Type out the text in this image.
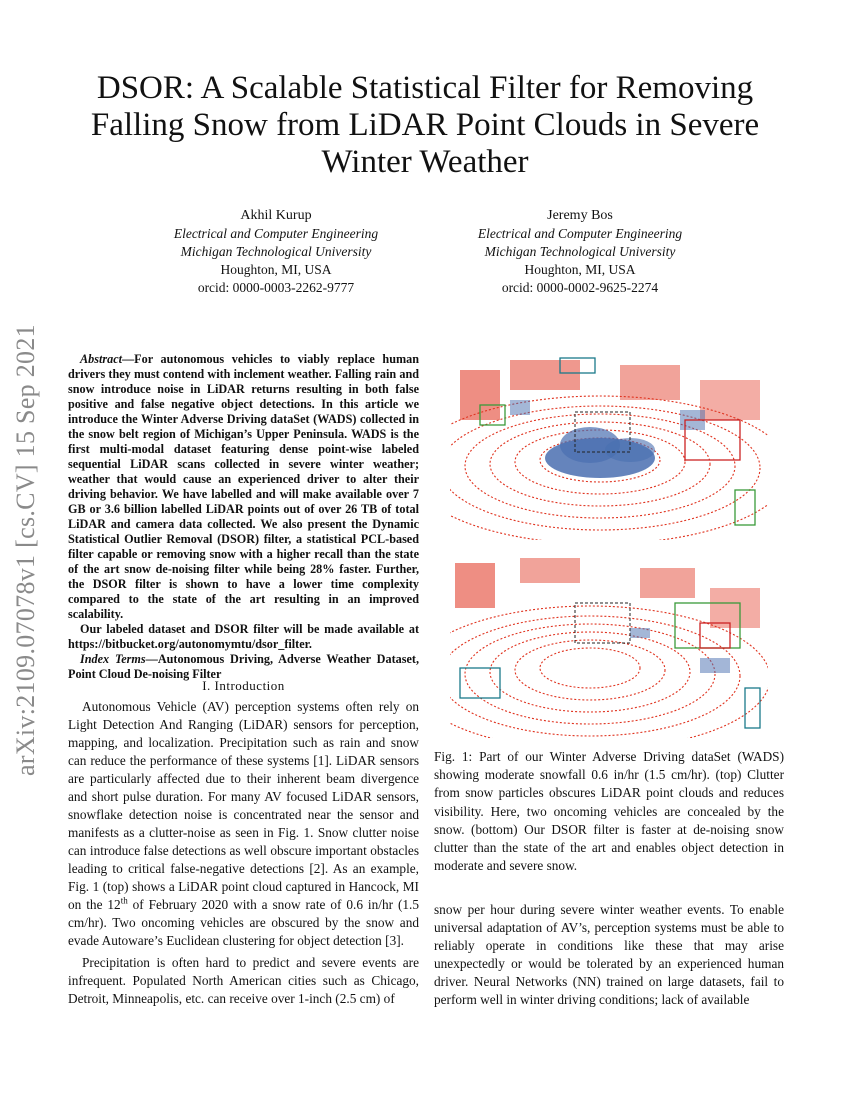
arXiv:2109.07078v1 [cs.CV] 15 Sep 2021
DSOR: A Scalable Statistical Filter for Removing Falling Snow from LiDAR Point Clouds in Severe Winter Weather
Akhil Kurup
Electrical and Computer Engineering
Michigan Technological University
Houghton, MI, USA
orcid: 0000-0003-2262-9777
Jeremy Bos
Electrical and Computer Engineering
Michigan Technological University
Houghton, MI, USA
orcid: 0000-0002-9625-2274

Abstract—For autonomous vehicles to viably replace human drivers they must contend with inclement weather. Falling rain and snow introduce noise in LiDAR returns resulting in both false positive and false negative object detections. In this article we introduce the Winter Adverse Driving dataSet (WADS) collected in the snow belt region of Michigan’s Upper Peninsula. WADS is the first multi-modal dataset featuring dense point-wise labeled sequential LiDAR scans collected in severe winter weather; weather that would cause an experienced driver to alter their driving behavior. We have labelled and will make available over 7 GB or 3.6 billion labelled LiDAR points out of over 26 TB of total LiDAR and camera data collected. We also present the Dynamic Statistical Outlier Removal (DSOR) filter, a statistical PCL-based filter capable or removing snow with a higher recall than the state of the art snow de-noising filter while being 28% faster. Further, the DSOR filter is shown to have a lower time complexity compared to the state of the art resulting in an improved scalability.

Our labeled dataset and DSOR filter will be made available at https://bitbucket.org/autonomymtu/dsor_filter.

Index Terms—Autonomous Driving, Adverse Weather Dataset, Point Cloud De-noising Filter

I. Introduction

Autonomous Vehicle (AV) perception systems often rely on Light Detection And Ranging (LiDAR) sensors for perception, mapping, and localization. Precipitation such as rain and snow can reduce the performance of these systems [1]. LiDAR sensors are particularly affected due to their inherent beam divergence and short pulse duration. For many AV focused LiDAR sensors, snowflake detection noise is concentrated near the sensor and manifests as a clutter-noise as seen in Fig. 1. Snow clutter noise can introduce false detections as well obscure important obstacles leading to critical false-negative detections [2]. As an example, Fig. 1 (top) shows a LiDAR point cloud captured in Hancock, MI on the 12th of February 2020 with a snow rate of 0.6 in/hr (1.5 cm/hr). Two oncoming vehicles are obscured by the snow and evade Autoware’s Euclidean clustering for object detection [3].

Precipitation is often hard to predict and severe events are infrequent. Populated North American cities such as Chicago, Detroit, Minneapolis, etc. can receive over 1-inch (2.5 cm) of

Fig. 1: Part of our Winter Adverse Driving dataSet (WADS) showing moderate snowfall 0.6 in/hr (1.5 cm/hr). (top) Clutter from snow particles obscures LiDAR point clouds and reduces visibility. Here, two oncoming vehicles are concealed by the snow. (bottom) Our DSOR filter is faster at de-noising snow clutter than the state of the art and enables object detection in moderate and severe snow.

snow per hour during severe winter weather events. To enable universal adaptation of AV’s, perception systems must be able to reliably operate in conditions like these that may arise unexpectedly or would be tolerated by an experienced human driver. Neural Networks (NN) trained on large datasets, fail to perform well in winter driving conditions; lack of available
